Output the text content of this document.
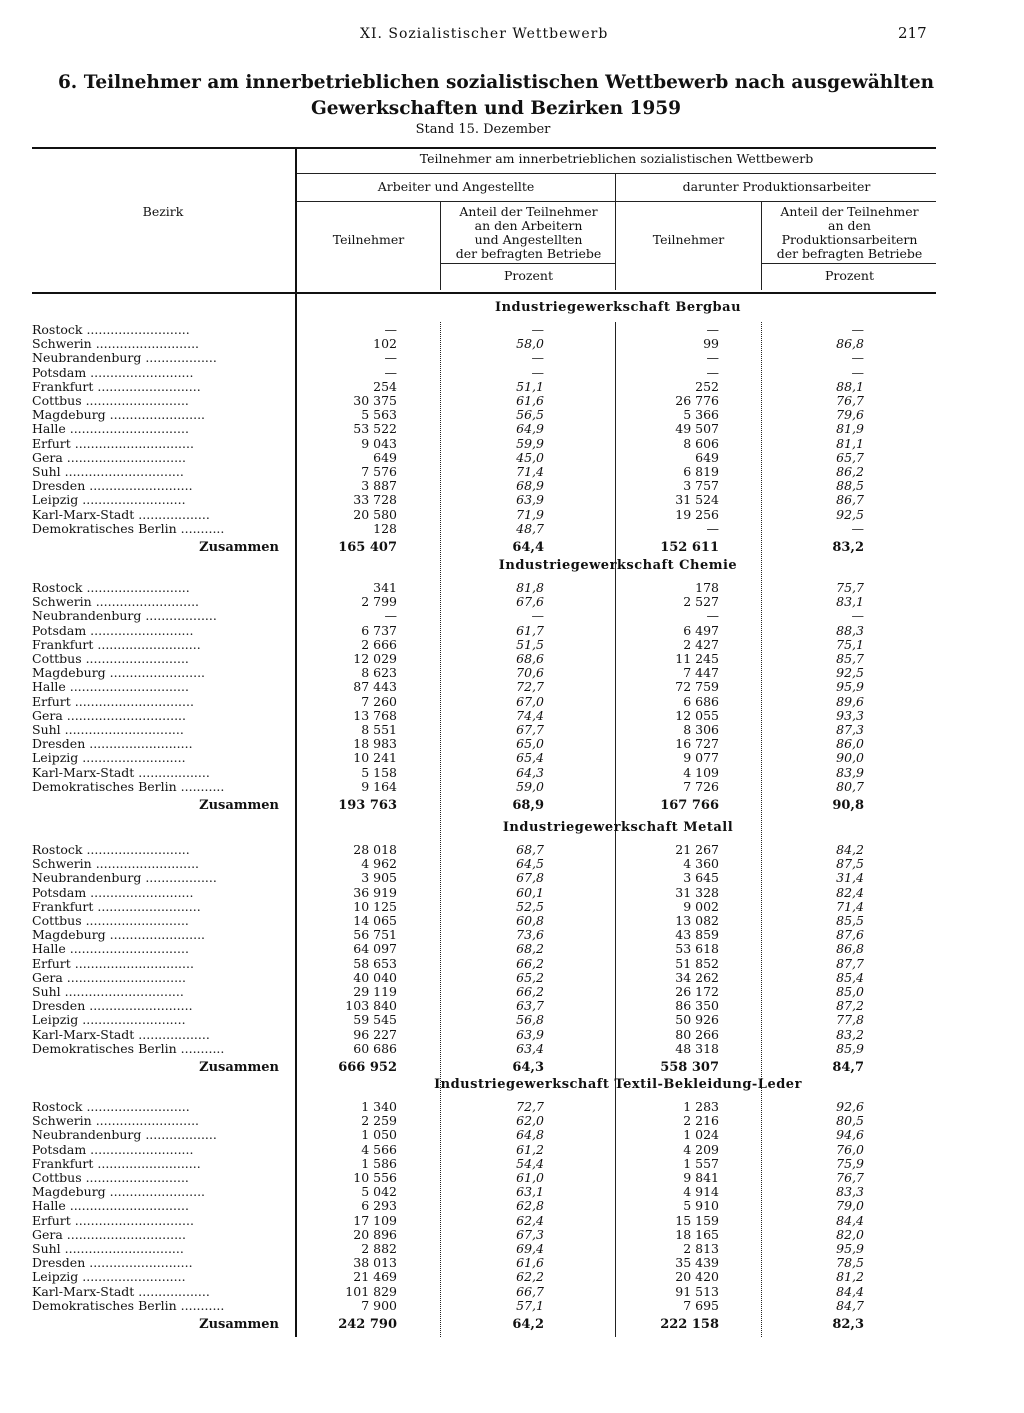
XI. Sozialistischer Wettbewerb	217
6. Teilnehmer am innerbetrieblichen sozialistischen Wettbewerb nach ausgewählten
Gewerkschaften und Bezirken 1959
Stand 15. Dezember
Bezirk
Teilnehmer am innerbetrieblichen sozialistischen Wettbewerb
Arbeiter und Angestellte	darunter Produktionsarbeiter
Teilnehmer
Anteil der Teilnehmer
an den Arbeitern
und Angestellten
der befragten Betriebe
Teilnehmer
Anteil der Teilnehmer
an den
Produktionsarbeitern
der befragten Betriebe
Prozent	Prozent
Industriegewerkschaft Bergbau
Rostock ..........................	—	—	—	—
Schwerin ..........................	102	58,0	99	86,8
Neubrandenburg ..................	—	—	—	—
Potsdam ..........................	—	—	—	—
Frankfurt ..........................	254	51,1	252	88,1
Cottbus ..........................	30 375	61,6	26 776	76,7
Magdeburg ........................	5 563	56,5	5 366	79,6
Halle ..............................	53 522	64,9	49 507	81,9
Erfurt ..............................	9 043	59,9	8 606	81,1
Gera ..............................	649	45,0	649	65,7
Suhl ..............................	7 576	71,4	6 819	86,2
Dresden ..........................	3 887	68,9	3 757	88,5
Leipzig ..........................	33 728	63,9	31 524	86,7
Karl-Marx-Stadt ..................	20 580	71,9	19 256	92,5
Demokratisches Berlin ...........	128	48,7	—	—
Zusammen	165 407	64,4	152 611	83,2
Industriegewerkschaft Chemie
Rostock ..........................	341	81,8	178	75,7
Schwerin ..........................	2 799	67,6	2 527	83,1
Neubrandenburg ..................	—	—	—	—
Potsdam ..........................	6 737	61,7	6 497	88,3
Frankfurt ..........................	2 666	51,5	2 427	75,1
Cottbus ..........................	12 029	68,6	11 245	85,7
Magdeburg ........................	8 623	70,6	7 447	92,5
Halle ..............................	87 443	72,7	72 759	95,9
Erfurt ..............................	7 260	67,0	6 686	89,6
Gera ..............................	13 768	74,4	12 055	93,3
Suhl ..............................	8 551	67,7	8 306	87,3
Dresden ..........................	18 983	65,0	16 727	86,0
Leipzig ..........................	10 241	65,4	9 077	90,0
Karl-Marx-Stadt ..................	5 158	64,3	4 109	83,9
Demokratisches Berlin ...........	9 164	59,0	7 726	80,7
Zusammen	193 763	68,9	167 766	90,8
Industriegewerkschaft Metall
Rostock ..........................	28 018	68,7	21 267	84,2
Schwerin ..........................	4 962	64,5	4 360	87,5
Neubrandenburg ..................	3 905	67,8	3 645	31,4
Potsdam ..........................	36 919	60,1	31 328	82,4
Frankfurt ..........................	10 125	52,5	9 002	71,4
Cottbus ..........................	14 065	60,8	13 082	85,5
Magdeburg ........................	56 751	73,6	43 859	87,6
Halle ..............................	64 097	68,2	53 618	86,8
Erfurt ..............................	58 653	66,2	51 852	87,7
Gera ..............................	40 040	65,2	34 262	85,4
Suhl ..............................	29 119	66,2	26 172	85,0
Dresden ..........................	103 840	63,7	86 350	87,2
Leipzig ..........................	59 545	56,8	50 926	77,8
Karl-Marx-Stadt ..................	96 227	63,9	80 266	83,2
Demokratisches Berlin ...........	60 686	63,4	48 318	85,9
Zusammen	666 952	64,3	558 307	84,7
Industriegewerkschaft Textil-Bekleidung-Leder
Rostock ..........................	1 340	72,7	1 283	92,6
Schwerin ..........................	2 259	62,0	2 216	80,5
Neubrandenburg ..................	1 050	64,8	1 024	94,6
Potsdam ..........................	4 566	61,2	4 209	76,0
Frankfurt ..........................	1 586	54,4	1 557	75,9
Cottbus ..........................	10 556	61,0	9 841	76,7
Magdeburg ........................	5 042	63,1	4 914	83,3
Halle ..............................	6 293	62,8	5 910	79,0
Erfurt ..............................	17 109	62,4	15 159	84,4
Gera ..............................	20 896	67,3	18 165	82,0
Suhl ..............................	2 882	69,4	2 813	95,9
Dresden ..........................	38 013	61,6	35 439	78,5
Leipzig ..........................	21 469	62,2	20 420	81,2
Karl-Marx-Stadt ..................	101 829	66,7	91 513	84,4
Demokratisches Berlin ...........	7 900	57,1	7 695	84,7
Zusammen	242 790	64,2	222 158	82,3
